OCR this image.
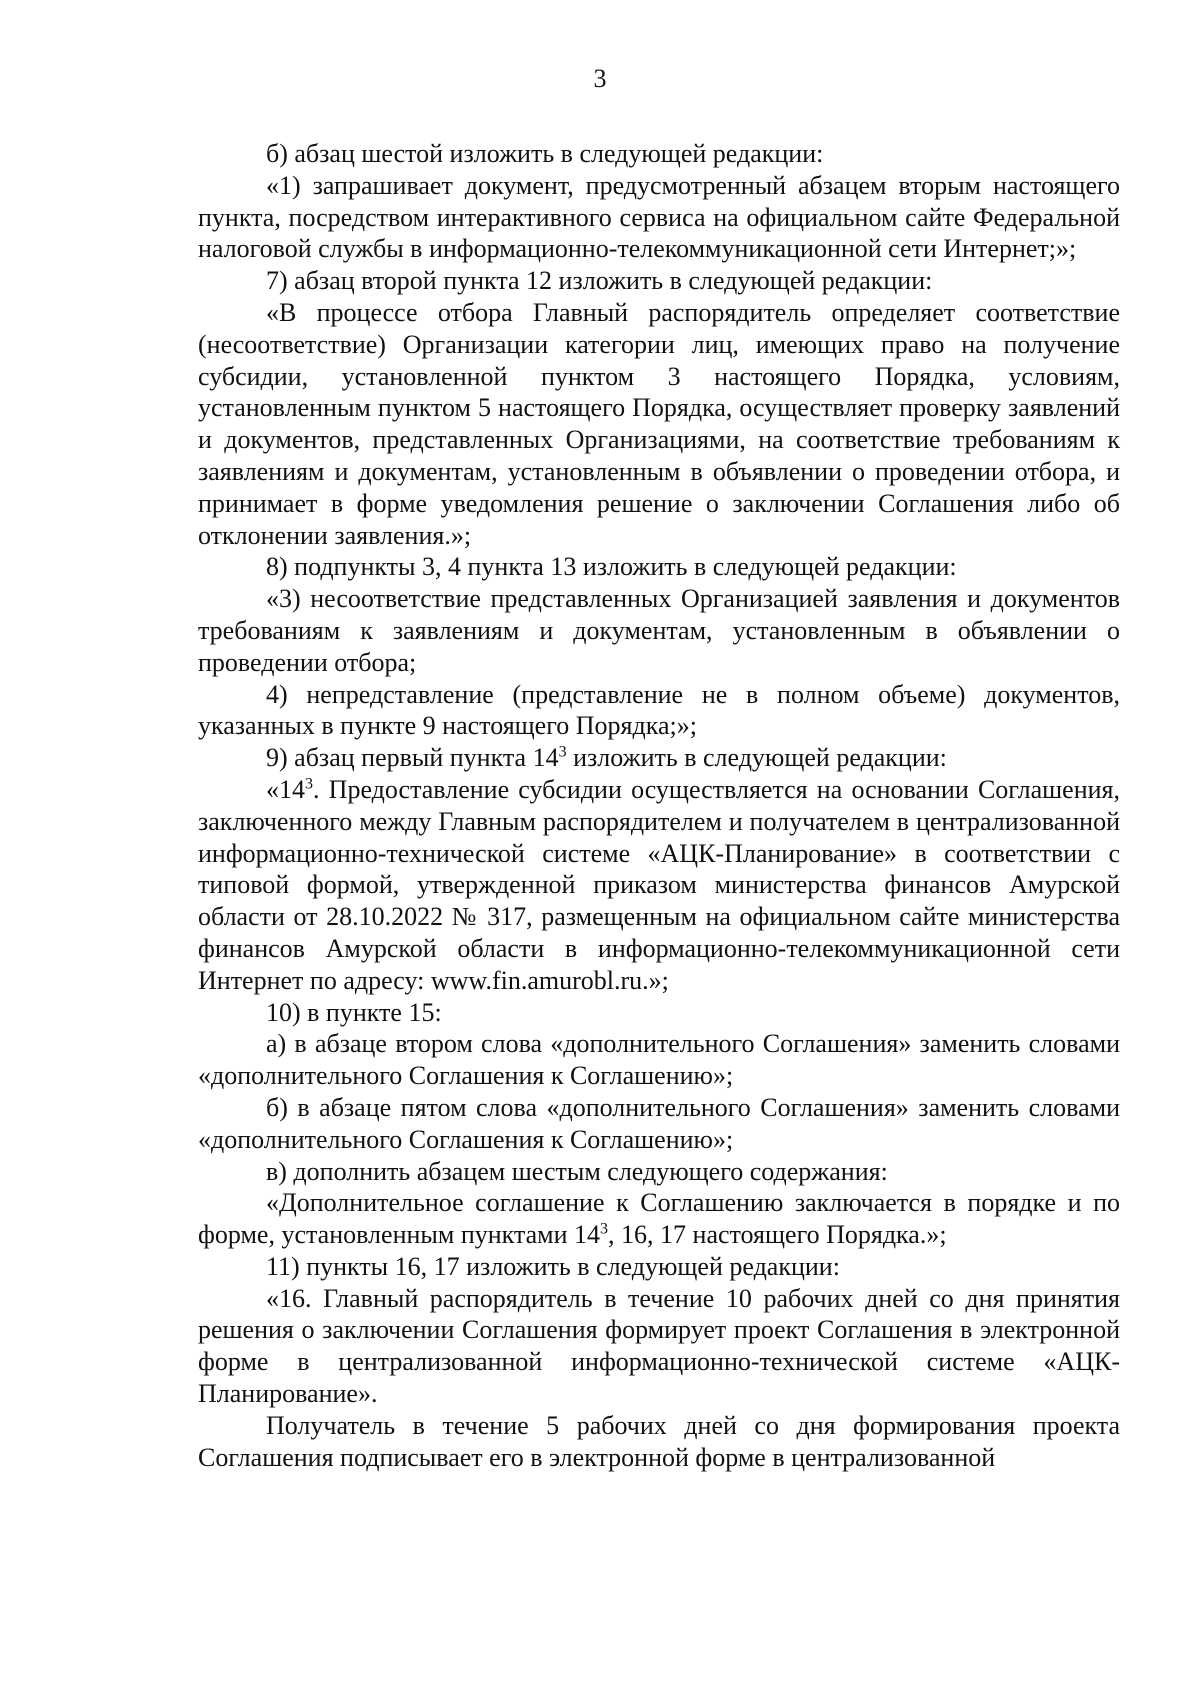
3

б) абзац шестой изложить в следующей редакции:

«1) запрашивает документ, предусмотренный абзацем вторым настоящего пункта, посредством интерактивного сервиса на официальном сайте Федеральной налоговой службы в информационно-телекоммуникационной сети Интернет;»;

7) абзац второй пункта 12 изложить в следующей редакции:

«В процессе отбора Главный распорядитель определяет соответствие (несоответствие) Организации категории лиц, имеющих право на получение субсидии, установленной пунктом 3 настоящего Порядка, условиям, установленным пунктом 5 настоящего Порядка, осуществляет проверку заявлений и документов, представленных Организациями, на соответствие требованиям к заявлениям и документам, установленным в объявлении о проведении отбора, и принимает в форме уведомления решение о заключении Соглашения либо об отклонении заявления.»;

8) подпункты 3, 4 пункта 13 изложить в следующей редакции:

«3) несоответствие представленных Организацией заявления и документов требованиям к заявлениям и документам, установленным в объявлении о проведении отбора;

4) непредставление (представление не в полном объеме) документов, указанных в пункте 9 настоящего Порядка;»;

9) абзац первый пункта $14^3$ изложить в следующей редакции:

«$14^3$. Предоставление субсидии осуществляется на основании Соглашения, заключенного между Главным распорядителем и получателем в централизованной информационно-технической системе «АЦК-Планирование» в соответствии с типовой формой, утвержденной приказом министерства финансов Амурской области от 28.10.2022 № 317, размещенным на официальном сайте министерства финансов Амурской области в информационно-телекоммуникационной сети Интернет по адресу: www.fin.amurobl.ru.»;

10) в пункте 15:

а) в абзаце втором слова «дополнительного Соглашения» заменить словами «дополнительного Соглашения к Соглашению»;

б) в абзаце пятом слова «дополнительного Соглашения» заменить словами «дополнительного Соглашения к Соглашению»;

в) дополнить абзацем шестым следующего содержания:

«Дополнительное соглашение к Соглашению заключается в порядке и по форме, установленным пунктами $14^3$, 16, 17 настоящего Порядка.»;

11) пункты 16, 17 изложить в следующей редакции:

«16. Главный распорядитель в течение 10 рабочих дней со дня принятия решения о заключении Соглашения формирует проект Соглашения в электронной форме в централизованной информационно-технической системе «АЦК-Планирование».

Получатель в течение 5 рабочих дней со дня формирования проекта Соглашения подписывает его в электронной форме в централизованной
